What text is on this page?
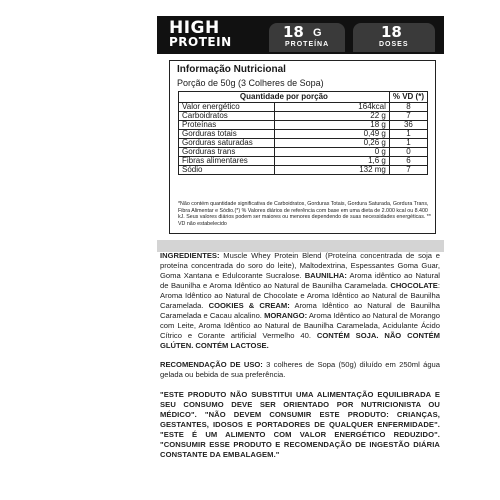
HIGH
PROTEIN
18 G
PROTEÍNA
18
DOSES
Informação Nutricional
Porção de 50g (3 Colheres de Sopa)
Quantidade por porção		% VD (*)
Valor energético	164kcal	8
Carboidratos	22 g	7
Proteínas	18 g	36
Gorduras totais	0,49 g	1
Gorduras saturadas	0,26 g	1
Gorduras trans	0 g	0
Fibras alimentares	1,6 g	6
Sódio	132 mg	7
*Não contém quantidade significativa de Carboidratos, Gorduras Totais, Gordura Saturada, Gordura Trans, Fibra Alimentar e Sódio.(*) % Valores diários de referência com base em uma dieta de 2.000 kcal ou 8.400 kJ. Seus valores diários podem ser maiores ou menores dependendo de suas necessidades energéticas. ** VD não estabelecido
INGREDIENTES: Muscle Whey Protein Blend (Proteína concentrada de soja e proteína concentrada do soro do leite), Maltodextrina, Espessantes Goma Guar, Goma Xantana e Edulcorante Sucralose. BAUNILHA: Aroma idêntico ao Natural de Baunilha e Aroma Idêntico ao Natural de Baunilha Caramelada. CHOCOLATE: Aroma Idêntico ao Natural de Chocolate e Aroma Idêntico ao Natural de Baunilha Caramelada. COOKIES & CREAM: Aroma Idêntico ao Natural de Baunilha Caramelada e Cacau alcalino. MORANGO: Aroma Idêntico ao Natural de Morango com Leite, Aroma Idêntico ao Natural de Baunilha Caramelada, Acidulante Ácido Cítrico e Corante artificial Vermelho 40. CONTÉM SOJA. NÃO CONTÉM GLÚTEN. CONTÉM LACTOSE.
RECOMENDAÇÃO DE USO: 3 colheres de Sopa (50g) diluído em 250ml água gelada ou bebida de sua preferência.
"ESTE PRODUTO NÃO SUBSTITUI UMA ALIMENTAÇÃO EQUILIBRADA E SEU CONSUMO DEVE SER ORIENTADO POR NUTRICIONISTA OU MÉDICO". "NÃO DEVEM CONSUMIR ESTE PRODUTO: CRIANÇAS, GESTANTES, IDOSOS E PORTADORES DE QUALQUER ENFERMIDADE". "ESTE É UM ALIMENTO COM VALOR ENERGÉTICO REDUZIDO". "CONSUMIR ESSE PRODUTO E RECOMENDAÇÃO DE INGESTÃO DIÁRIA CONSTANTE DA EMBALAGEM."
